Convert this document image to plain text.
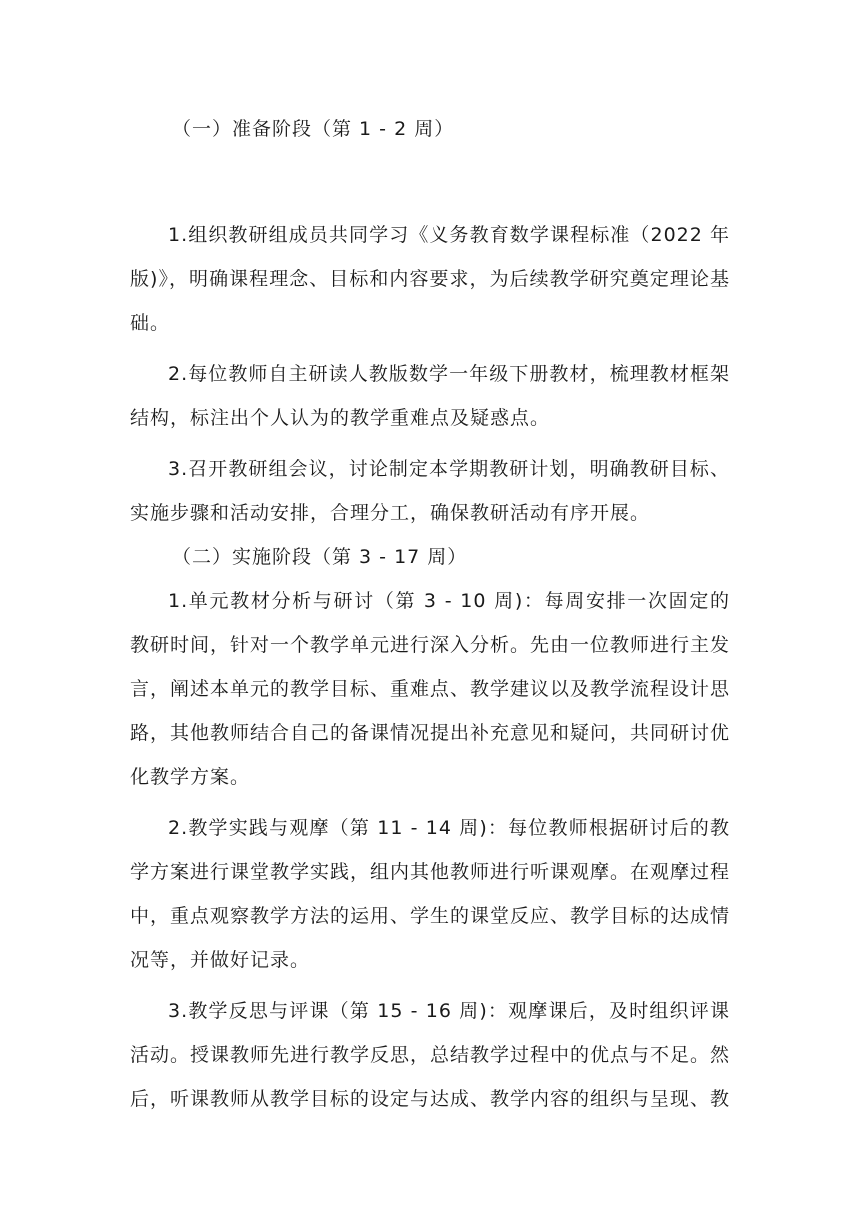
（一）准备阶段（第 1 - 2 周）

1.组织教研组成员共同学习《义务教育数学课程标准（2022 年版)》，明确课程理念、目标和内容要求，为后续教学研究奠定理论基础。

2.每位教师自主研读人教版数学一年级下册教材，梳理教材框架结构，标注出个人认为的教学重难点及疑惑点。

3.召开教研组会议，讨论制定本学期教研计划，明确教研目标、实施步骤和活动安排，合理分工，确保教研活动有序开展。

（二）实施阶段（第 3 - 17 周）

1.单元教材分析与研讨（第 3 - 10 周)：每周安排一次固定的教研时间，针对一个教学单元进行深入分析。先由一位教师进行主发言，阐述本单元的教学目标、重难点、教学建议以及教学流程设计思路，其他教师结合自己的备课情况提出补充意见和疑问，共同研讨优化教学方案。

2.教学实践与观摩（第 11 - 14 周)：每位教师根据研讨后的教学方案进行课堂教学实践，组内其他教师进行听课观摩。在观摩过程中，重点观察教学方法的运用、学生的课堂反应、教学目标的达成情况等，并做好记录。

3.教学反思与评课（第 15 - 16 周)：观摩课后，及时组织评课活动。授课教师先进行教学反思，总结教学过程中的优点与不足。然后，听课教师从教学目标的设定与达成、教学内容的组织与呈现、教
